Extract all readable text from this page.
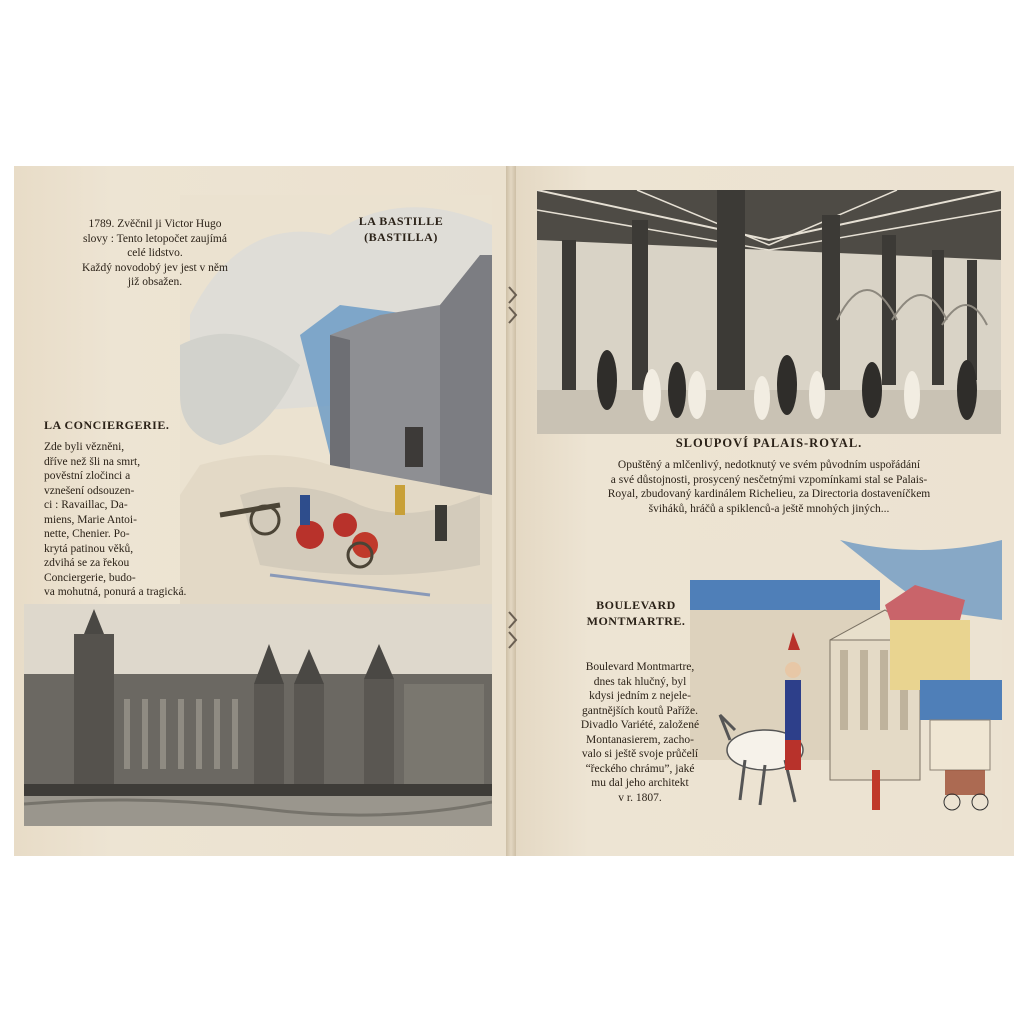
1789. Zvěčnil ji Victor Hugo
slovy : Tento letopočet zaujímá
celé lidstvo.
Každý novodobý jev jest v něm
již obsažen.
LA BASTILLE
(BASTILLA)
LA CONCIERGERIE.
Zde byli vězněni,
dříve než šli na smrt,
pověstní zločinci a
vznešení odsouzen-
ci : Ravaillac, Da-
miens, Marie Antoi-
nette, Chenier. Po-
krytá patinou věků,
zdvihá se za řekou
Conciergerie, budo-
va mohutná, ponurá a tragická.
SLOUPOVÍ PALAIS-ROYAL.
Opuštěný a mlčenlivý, nedotknutý ve svém původním uspořádání
a své důstojnosti, prosycený nesčetnými vzpomínkami stal se Palais-
Royal, zbudovaný kardinálem Richelieu, za Directoria dostaveníčkem
šviháků, hráčů a spiklenců-a ještě mnohých jiných...
BOULEVARD
MONTMARTRE.
Boulevard Montmartre,
dnes tak hlučný, byl
kdysi jedním z nejele-
gantnějších koutů Paříže.
Divadlo Variété, založené
Montanasierem, zacho-
valo si ještě svoje průčelí
“řeckého chrámu”, jaké
mu dal jeho architekt
v r. 1807.
